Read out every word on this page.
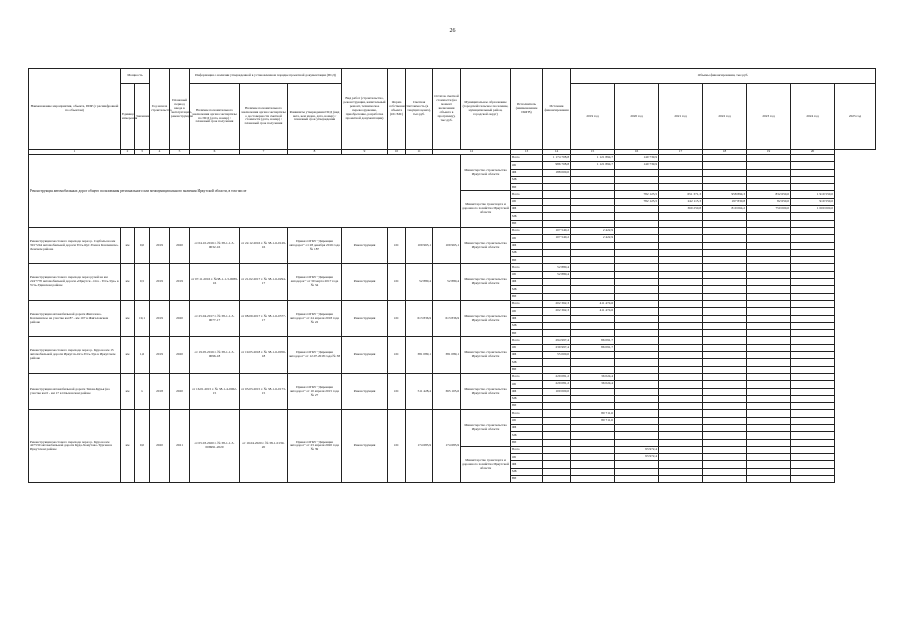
26
Наименование мероприятия, объекта, ПИР (с расшифровкой по объектам)	Мощность		Год начала строительства	Плановый период ввода в эксплуатацию, реконструкции	Информация о наличии утвержденной в установленном порядке проектной документации (ПСД)			Вид работ (строительство, реконструкция, капитальный ремонт, техническое перевооружение, приобретение, разработка проектной документации)	Форма собственности объекта (ОС/МС)	Сметная стоимость (в текущих ценах), тыс.руб.	Остаток сметной стоимости (на момент включения объекта в программу), тыс.руб.	Муниципальное образование (городской/сельское поселение, муниципальный район, городской округ)	Исполнитель (наименование ИОГВ)	Источник финансирования	Объемы финансирования, тыс.руб.						
	Единица измерения	Значение			Наличие положительного заключения органа экспертизы по ПСД (дата, номер) / плановый срок получения	Наличие положительного заключения органа экспертизы о достоверности сметной стоимости (дата, номер) / плановый срок получения	Реквизиты утверждения ПСД (вид акта, кем издан, дата, номер) / плановый срок утверждения								2019 год	2020 год	2021 год	2022 год	2023 год	2024 год	2025 год
1	2	3	4	5	6	7	8	9	10	11	12		13	14	15	16	17	18	19	20	
Реконструкция автомобильных дорог общего пользования регионального или межмуниципального значения Иркутской области, в том числе												Министерство строительства Иркутской области	Всего	1 174 708,8	1 121 894,7	140 739,9					
													ОБ	986 708,8	1 121 894,7	140 739,9					
													ФБ	188 000,0							
													МБ								
													ВИ								
												Министерство транспорта и дорожного хозяйства Иркутской области	Всего			782 123,5	651 371,3	958 894,3	832 650,0	1 919 550,0	
													ОБ			782 123,5	242 115,3	197 830,8	82 650,0	919 550,0	
													ФБ				369 250,8	819 064,2	750 000,0	1 000 000,0	
													МБ								
													ВИ								
Реконструкция мостового перехода через р. Сарбалы на км 391+244 автомобильной дороги Усть-Кут-Уоян в Казачинско-Ленском районе	км	0,0	2019	2020	от 04.10.2016 г. № 38-1-1-3-0032-16	от 22.12.2016 г. № 38-1-6-0129-16	Приказ ОГКУ "Дирекция автодорог" от 28 декабря 2016 года № 187	Реконструкция	ОС	109 963,1	109 963,1	Министерство строительства Иркутской области	Всего	107 540,2	2 422,9						
													ОБ	107 540,2	2 422,9						
													ФБ								
													МБ								
													ВИ								
Реконструкция мостового перехода через ручей на км 224+770 автомобильной дороги «Иркутск - Оса - Усть-Уда» в Усть-Удинском районе	км	0,5	2019	2019	от 07.11.2016 г. №38-1-1-3-0089-16	от 21.02.2017 г. № 38-1-6-0294-17	Приказ ОГКУ "Дирекция автодорог" от 30 марта 2017 года № 34	Реконструкция	ОС	52 880,4	52 880,4	Министерство строительства Иркутской области	Всего	52 880,4							
													ОБ	52 880,4							
													ФБ								
													МБ								
													ВИ								
Реконструкция автомобильной дороги Жигалово-Казачинское на участке км 87 - км 107 в Жигаловском районе	км	19,1	2019	2020	от 25.04.2017 г. № 38-1-1-3-0077-17	от 08.09.2017 г. № 38-1-6-0377-17	Приказ ОГКУ "Дирекция автодорог" от 24 апреля 2018 года № 22	Реконструкция	ОС	613 836,9	613 836,9	Министерство строительства Иркутской области	Всего	202 362,3	411 474,6						
													ОБ	202 362,3	411 474,6						
													ФБ								
													МБ								
													ВИ								
Реконструкция мостового перехода через р. Куда на км 15 автомобильной дороги Иркутск-Оса-Усть-Уда в Иркутском районе	км	1,6	2019	2020	от 19.05.2016 г. № 38-1-1-3-0096-18	от 19.05.2018 г. № 38-1-6-0056-18	Приказ ОГКУ "Дирекция автодорог" от 12.07.2018 года № 38	Реконструкция	ОС	381 089,1	381 089,1	Министерство строительства Иркутской области	Всего	294 997,4	86 091,7						
													ОБ	239 997,4	86 091,7						
													ФБ	55 000,0							
													МБ								
													ВИ								
Реконструкция автомобильной дороги Тихая-Курья (на участке км 0 - км 17 в Ольхонском районе	км	х	2018	2020	от 16.01.2015 г. № 38-1-4-0062-15	от 03.03.2015 г. № 38-1-6-0173-15	Приказ ОГКУ "Дирекция автодорог" от 10 апреля 2015 года № 27	Реконструкция	ОС	511 428,4	365 105,6	Министерство строительства Иркутской области	Всего	229 081,2	36 024,4						
													ОБ	229 081,2	36 024,4						
													ФБ	100 000,0							
													МБ								
													ВИ								
Реконструкция мостового перехода через р. Куда на км 44+530 автомобильной дороги Куда-Хомутово-Тургеня в Иркутском районе	км	0,0	2020	2021	от 05.03.2020 г. № 38-1-1-3-006991-2020	от 16.04.2020 г. № 38-1-0139-20	Приказ ОГКУ "Дирекция автодорог" от 23 апреля 2020 года № 39	Реконструкция	ОС	174 683,9	174 683,9	Министерство строительства Иркутской области	Всего		80 711,6						
													ОБ		80 711,6						
													ФБ								
													МБ								
													ВИ								
												Министерство транспорта и дорожного хозяйства Иркутской области	Всего			93 972,4					
													ОБ			93 972,4					
													ФБ								
													МБ								
													ВИ								
